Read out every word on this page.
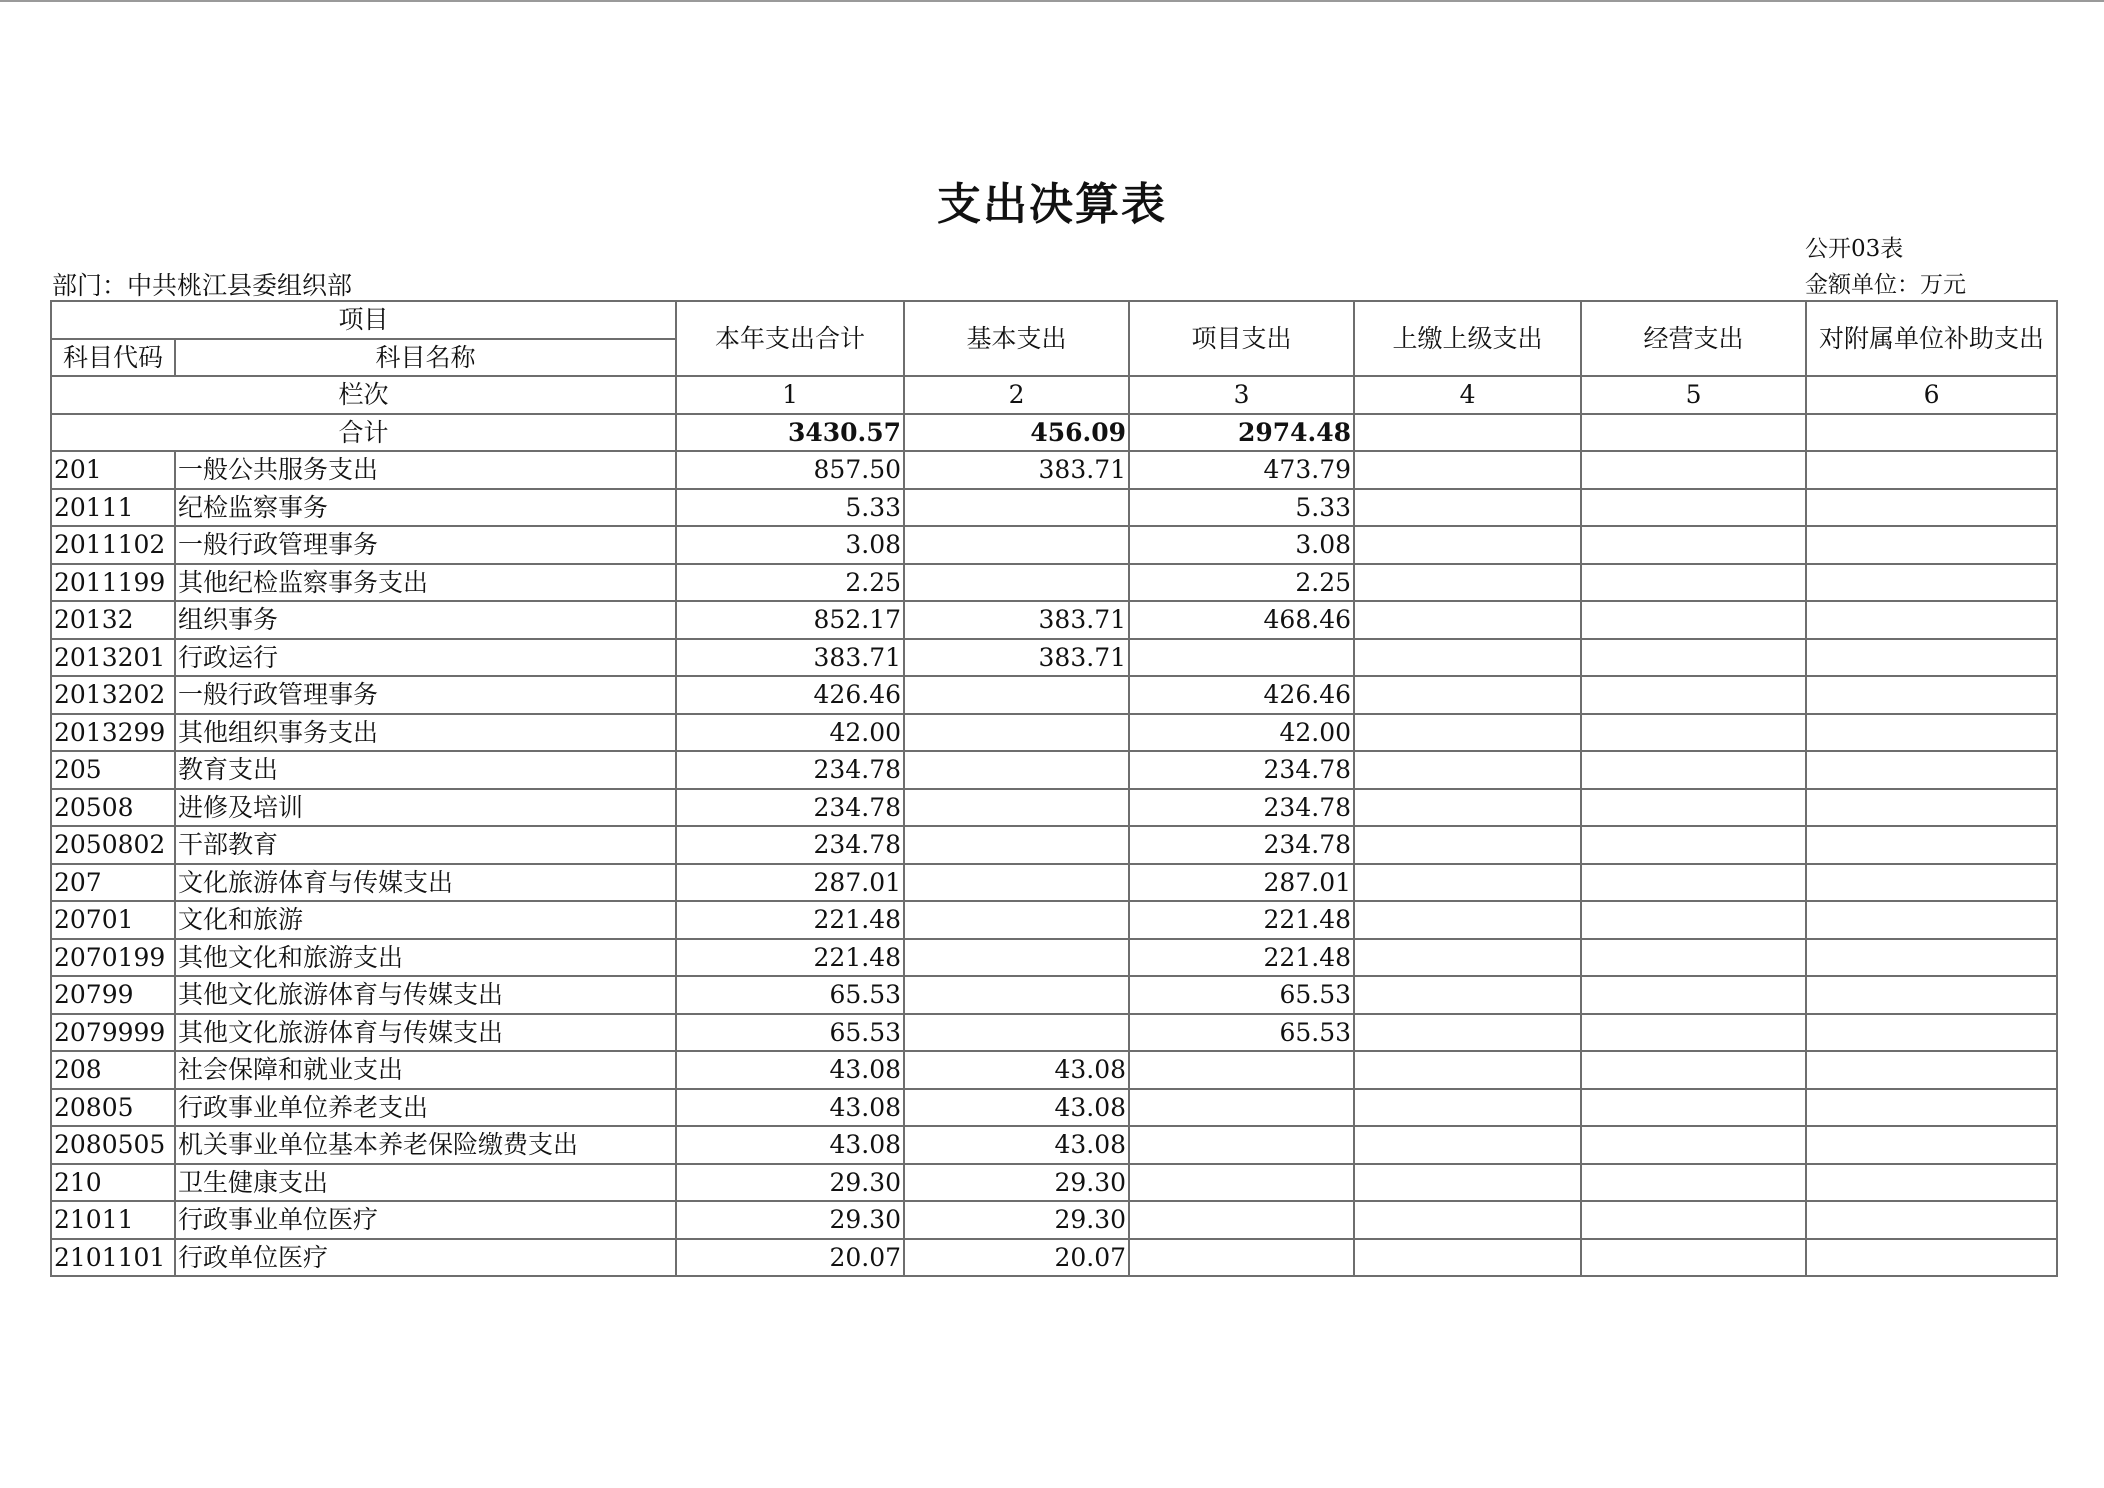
支出决算表
公开03表
金额单位：万元
部门：中共桃江县委组织部
项目		本年支出合计	基本支出	项目支出	上缴上级支出	经营支出	对附属单位补助支出
科目代码	科目名称						
栏次		1	2	3	4	5	6
合计		3430.57	456.09	2974.48			
201	一般公共服务支出	857.50	383.71	473.79			
20111	纪检监察事务	5.33		5.33			
2011102	一般行政管理事务	3.08		3.08			
2011199	其他纪检监察事务支出	2.25		2.25			
20132	组织事务	852.17	383.71	468.46			
2013201	行政运行	383.71	383.71				
2013202	一般行政管理事务	426.46		426.46			
2013299	其他组织事务支出	42.00		42.00			
205	教育支出	234.78		234.78			
20508	进修及培训	234.78		234.78			
2050802	干部教育	234.78		234.78			
207	文化旅游体育与传媒支出	287.01		287.01			
20701	文化和旅游	221.48		221.48			
2070199	其他文化和旅游支出	221.48		221.48			
20799	其他文化旅游体育与传媒支出	65.53		65.53			
2079999	其他文化旅游体育与传媒支出	65.53		65.53			
208	社会保障和就业支出	43.08	43.08				
20805	行政事业单位养老支出	43.08	43.08				
2080505	机关事业单位基本养老保险缴费支出	43.08	43.08				
210	卫生健康支出	29.30	29.30				
21011	行政事业单位医疗	29.30	29.30				
2101101	行政单位医疗	20.07	20.07				
